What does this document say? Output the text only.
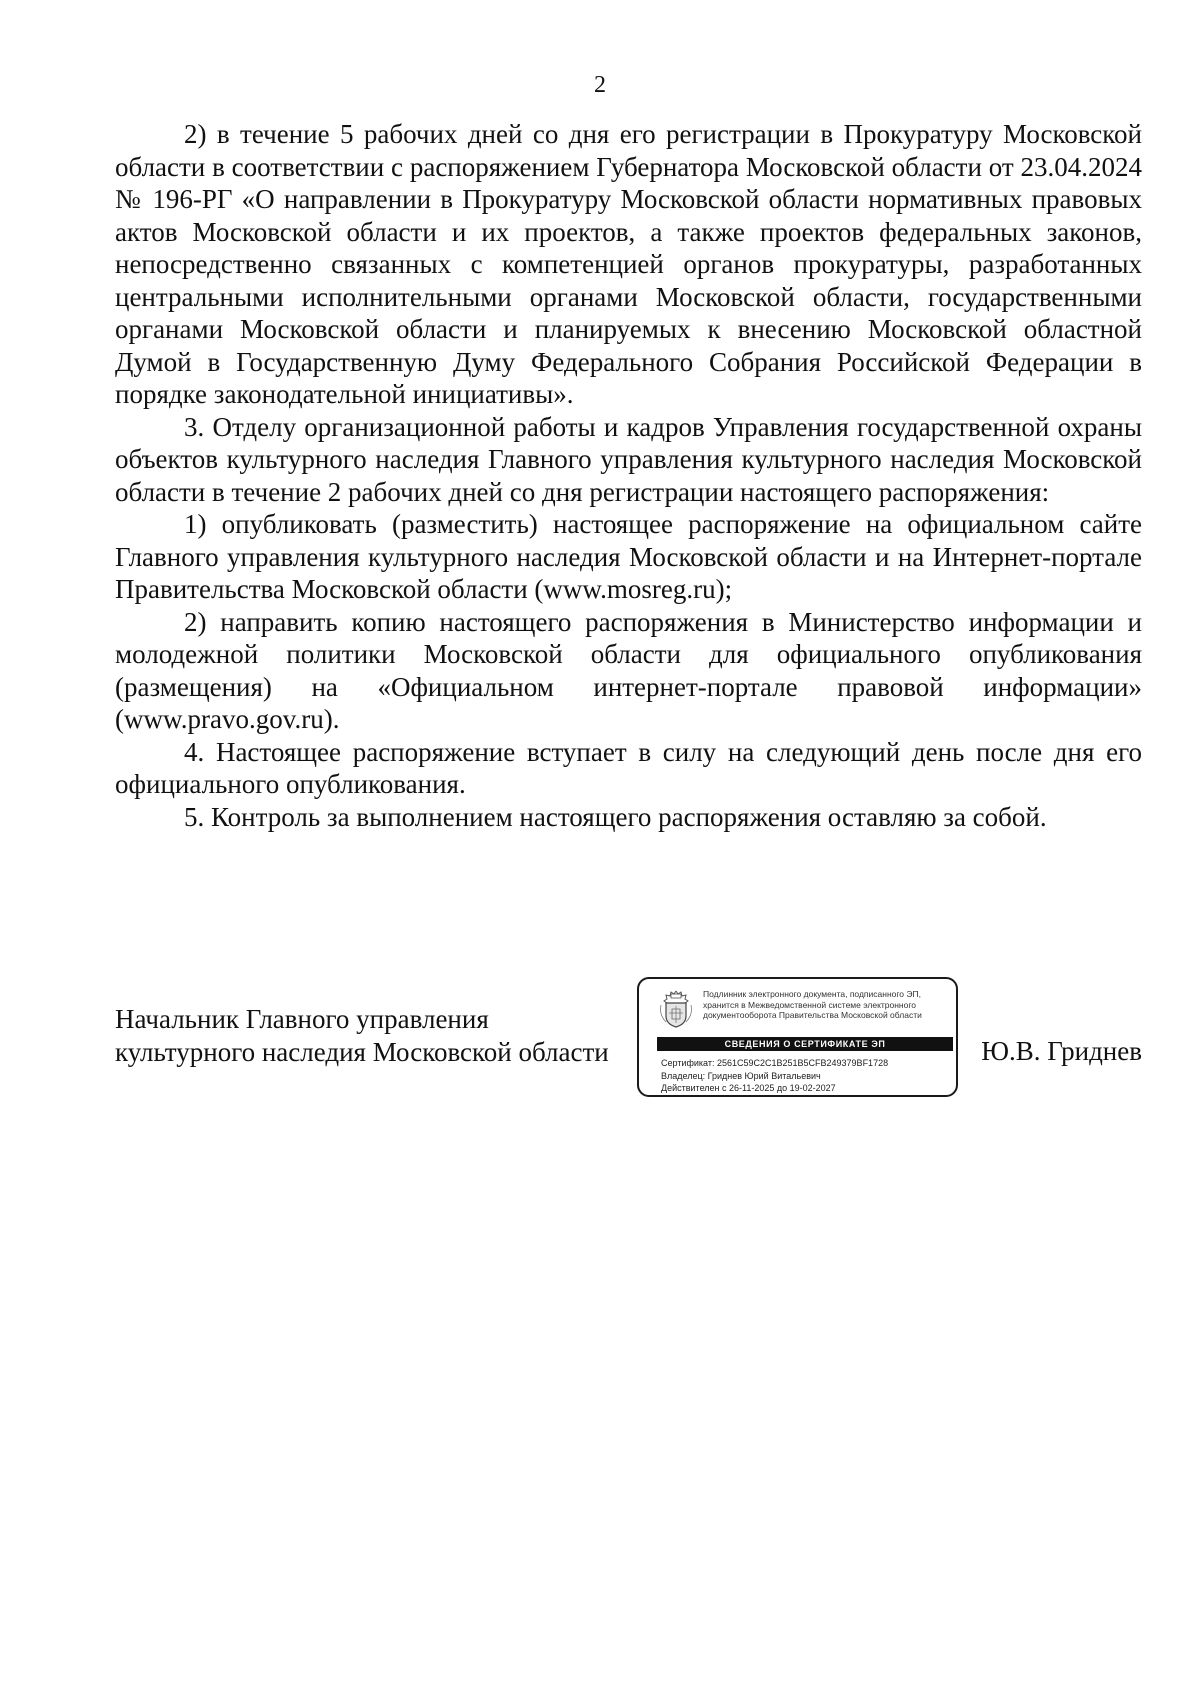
2

2) в течение 5 рабочих дней со дня его регистрации в Прокуратуру Московской области в соответствии с распоряжением Губернатора Московской области от 23.04.2024 № 196-РГ «О направлении в Прокуратуру Московской области нормативных правовых актов Московской области и их проектов, а также проектов федеральных законов, непосредственно связанных с компетенцией органов прокуратуры, разработанных центральными исполнительными органами Московской области, государственными органами Московской области и планируемых к внесению Московской областной Думой в Государственную Думу Федерального Собрания Российской Федерации в порядке законодательной инициативы».

3. Отделу организационной работы и кадров Управления государственной охраны объектов культурного наследия Главного управления культурного наследия Московской области в течение 2 рабочих дней со дня регистрации настоящего распоряжения:

1) опубликовать (разместить) настоящее распоряжение на официальном сайте Главного управления культурного наследия Московской области и на Интернет-портале Правительства Московской области (www.mosreg.ru);

2) направить копию настоящего распоряжения в Министерство информации и молодежной политики Московской области для официального опубликования (размещения) на «Официальном интернет-портале правовой информации» (www.pravo.gov.ru).

4. Настоящее распоряжение вступает в силу на следующий день после дня его официального опубликования.

5. Контроль за выполнением настоящего распоряжения оставляю за собой.

Начальник Главного управления
культурного наследия Московской области
Подлинник электронного документа, подписанного ЭП,
хранится в Межведомственной системе электронного
документооборота Правительства Московской области
СВЕДЕНИЯ О СЕРТИФИКАТЕ ЭП
Сертификат: 2561C59C2C1B251B5CFB249379BF1728
Владелец: Гриднев Юрий Витальевич
Действителен с 26-11-2025 до 19-02-2027
Ю.В. Гриднев
